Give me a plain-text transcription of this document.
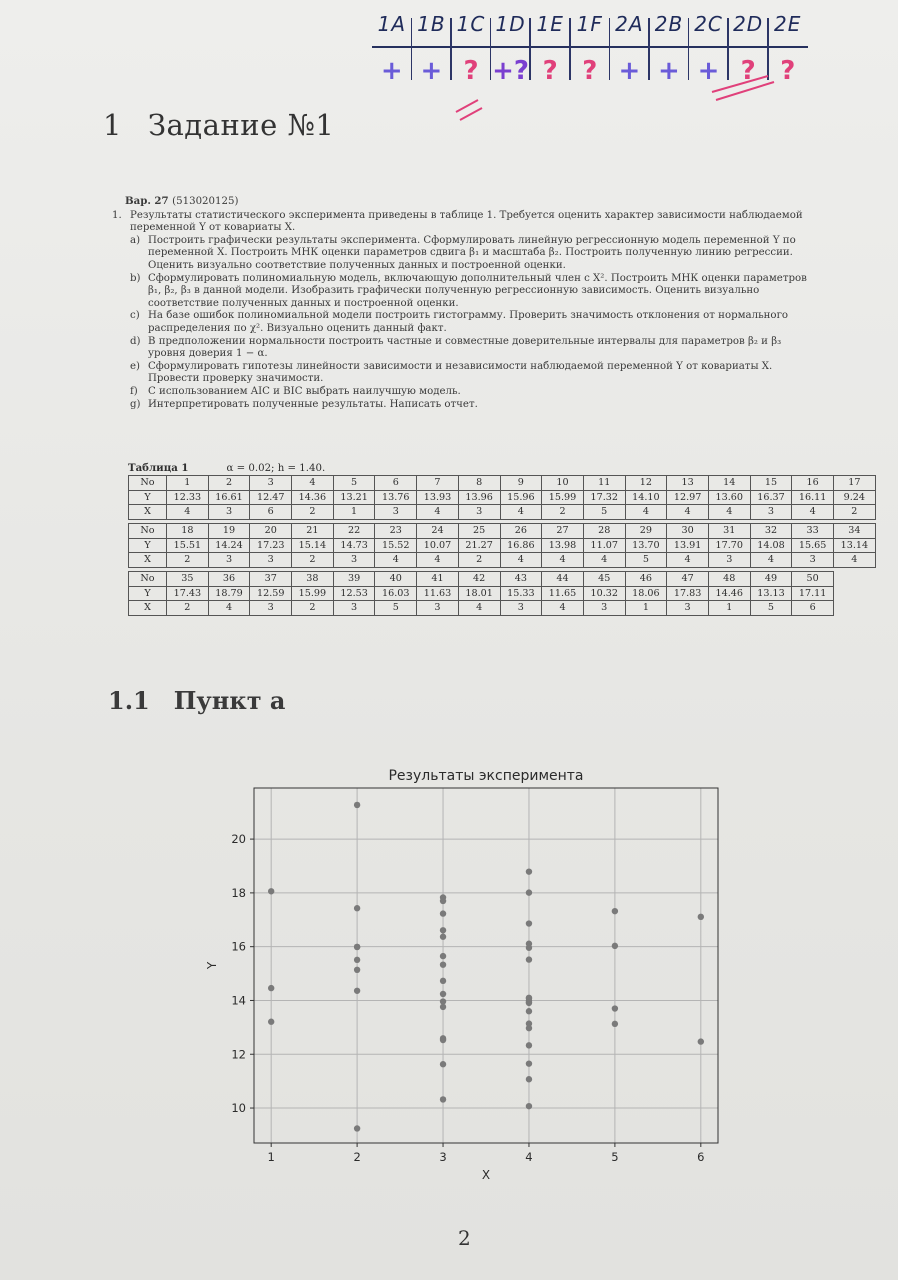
1A 1B 1C 1D 1E 1F 2A 2B 2C 2D 2E
+ + ? +? ? ? + + + ? ?
1 Задание №1
Вар. 27 (513020125)
1. Результаты статистического эксперимента приведены в таблице 1. Требуется оценить характер зависимости наблюдаемой переменной Y от ковариаты X.
a) Построить графически результаты эксперимента. Сформулировать линейную регрессионную модель переменной Y по переменной X. Построить МНК оценки параметров сдвига β₁ и масштаба β₂. Построить полученную линию регрессии. Оценить визуально соответствие полученных данных и построенной оценки.
b) Сформулировать полиномиальную модель, включающую дополнительный член с X². Построить МНК оценки параметров β₁, β₂, β₃ в данной модели. Изобразить графически полученную регрессионную зависимость. Оценить визуально соответствие полученных данных и построенной оценки.
c) На базе ошибок полиномиальной модели построить гистограмму. Проверить значимость отклонения от нормального распределения по χ². Визуально оценить данный факт.
d) В предположении нормальности построить частные и совместные доверительные интервалы для параметров β₂ и β₃ уровня доверия 1 − α.
e) Сформулировать гипотезы линейности зависимости и независимости наблюдаемой переменной Y от ковариаты X. Провести проверку значимости.
f) С использованием AIC и BIC выбрать наилучшую модель.
g) Интерпретировать полученные результаты. Написать отчет.
Таблица 1	α = 0.02; h = 1.40.
No	1	2	3	4	5	6	7	8	9	10	11	12	13	14	15	16	17
Y	12.33	16.61	12.47	14.36	13.21	13.76	13.93	13.96	15.96	15.99	17.32	14.10	12.97	13.60	16.37	16.11	9.24
X	4	3	6	2	1	3	4	3	4	2	5	4	4	4	3	4	2
No	18	19	20	21	22	23	24	25	26	27	28	29	30	31	32	33	34
Y	15.51	14.24	17.23	15.14	14.73	15.52	10.07	21.27	16.86	13.98	11.07	13.70	13.91	17.70	14.08	15.65	13.14
X	2	3	3	2	3	4	4	2	4	4	4	5	4	3	4	3	4
No	35	36	37	38	39	40	41	42	43	44	45	46	47	48	49	50
Y	17.43	18.79	12.59	15.99	12.53	16.03	11.63	18.01	15.33	11.65	10.32	18.06	17.83	14.46	13.13	17.11
X	2	4	3	2	3	5	3	4	3	4	3	1	3	1	5	6
1.1 Пункт a
Результаты эксперимента
1	2	3	4	5	6
10
12
14
16
18
20
X
Y
2
